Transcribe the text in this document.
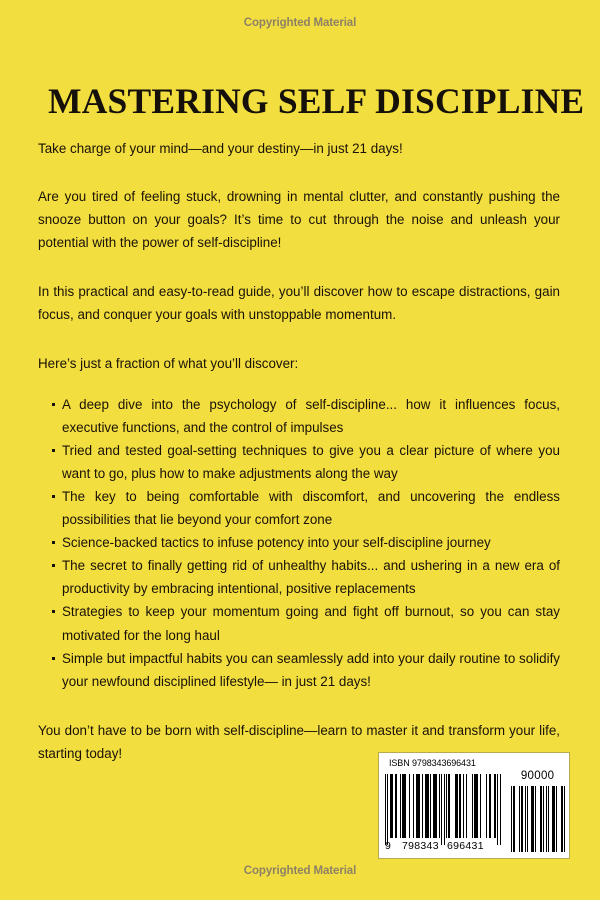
Copyrighted Material
MASTERING SELF DISCIPLINE

Take charge of your mind—and your destiny—in just 21 days!

Are you tired of feeling stuck, drowning in mental clutter, and constantly pushing the snooze button on your goals? It’s time to cut through the noise and unleash your potential with the power of self-discipline!

In this practical and easy-to-read guide, you’ll discover how to escape distractions, gain focus, and conquer your goals with unstoppable momentum.

Here’s just a fraction of what you’ll discover:

A deep dive into the psychology of self-discipline... how it influences focus, executive functions, and the control of impulses
Tried and tested goal-setting techniques to give you a clear picture of where you want to go, plus how to make adjustments along the way
The key to being comfortable with discomfort, and uncovering the endless possibilities that lie beyond your comfort zone
Science-backed tactics to infuse potency into your self-discipline journey
The secret to finally getting rid of unhealthy habits... and ushering in a new era of productivity by embracing intentional, positive replacements
Strategies to keep your momentum going and fight off burnout, so you can stay motivated for the long haul
Simple but impactful habits you can seamlessly add into your daily routine to solidify your newfound disciplined lifestyle— in just 21 days!

You don’t have to be born with self-discipline—learn to master it and transform your life, starting today!

ISBN 9798343696431
9 798343 696431
90000
Copyrighted Material
